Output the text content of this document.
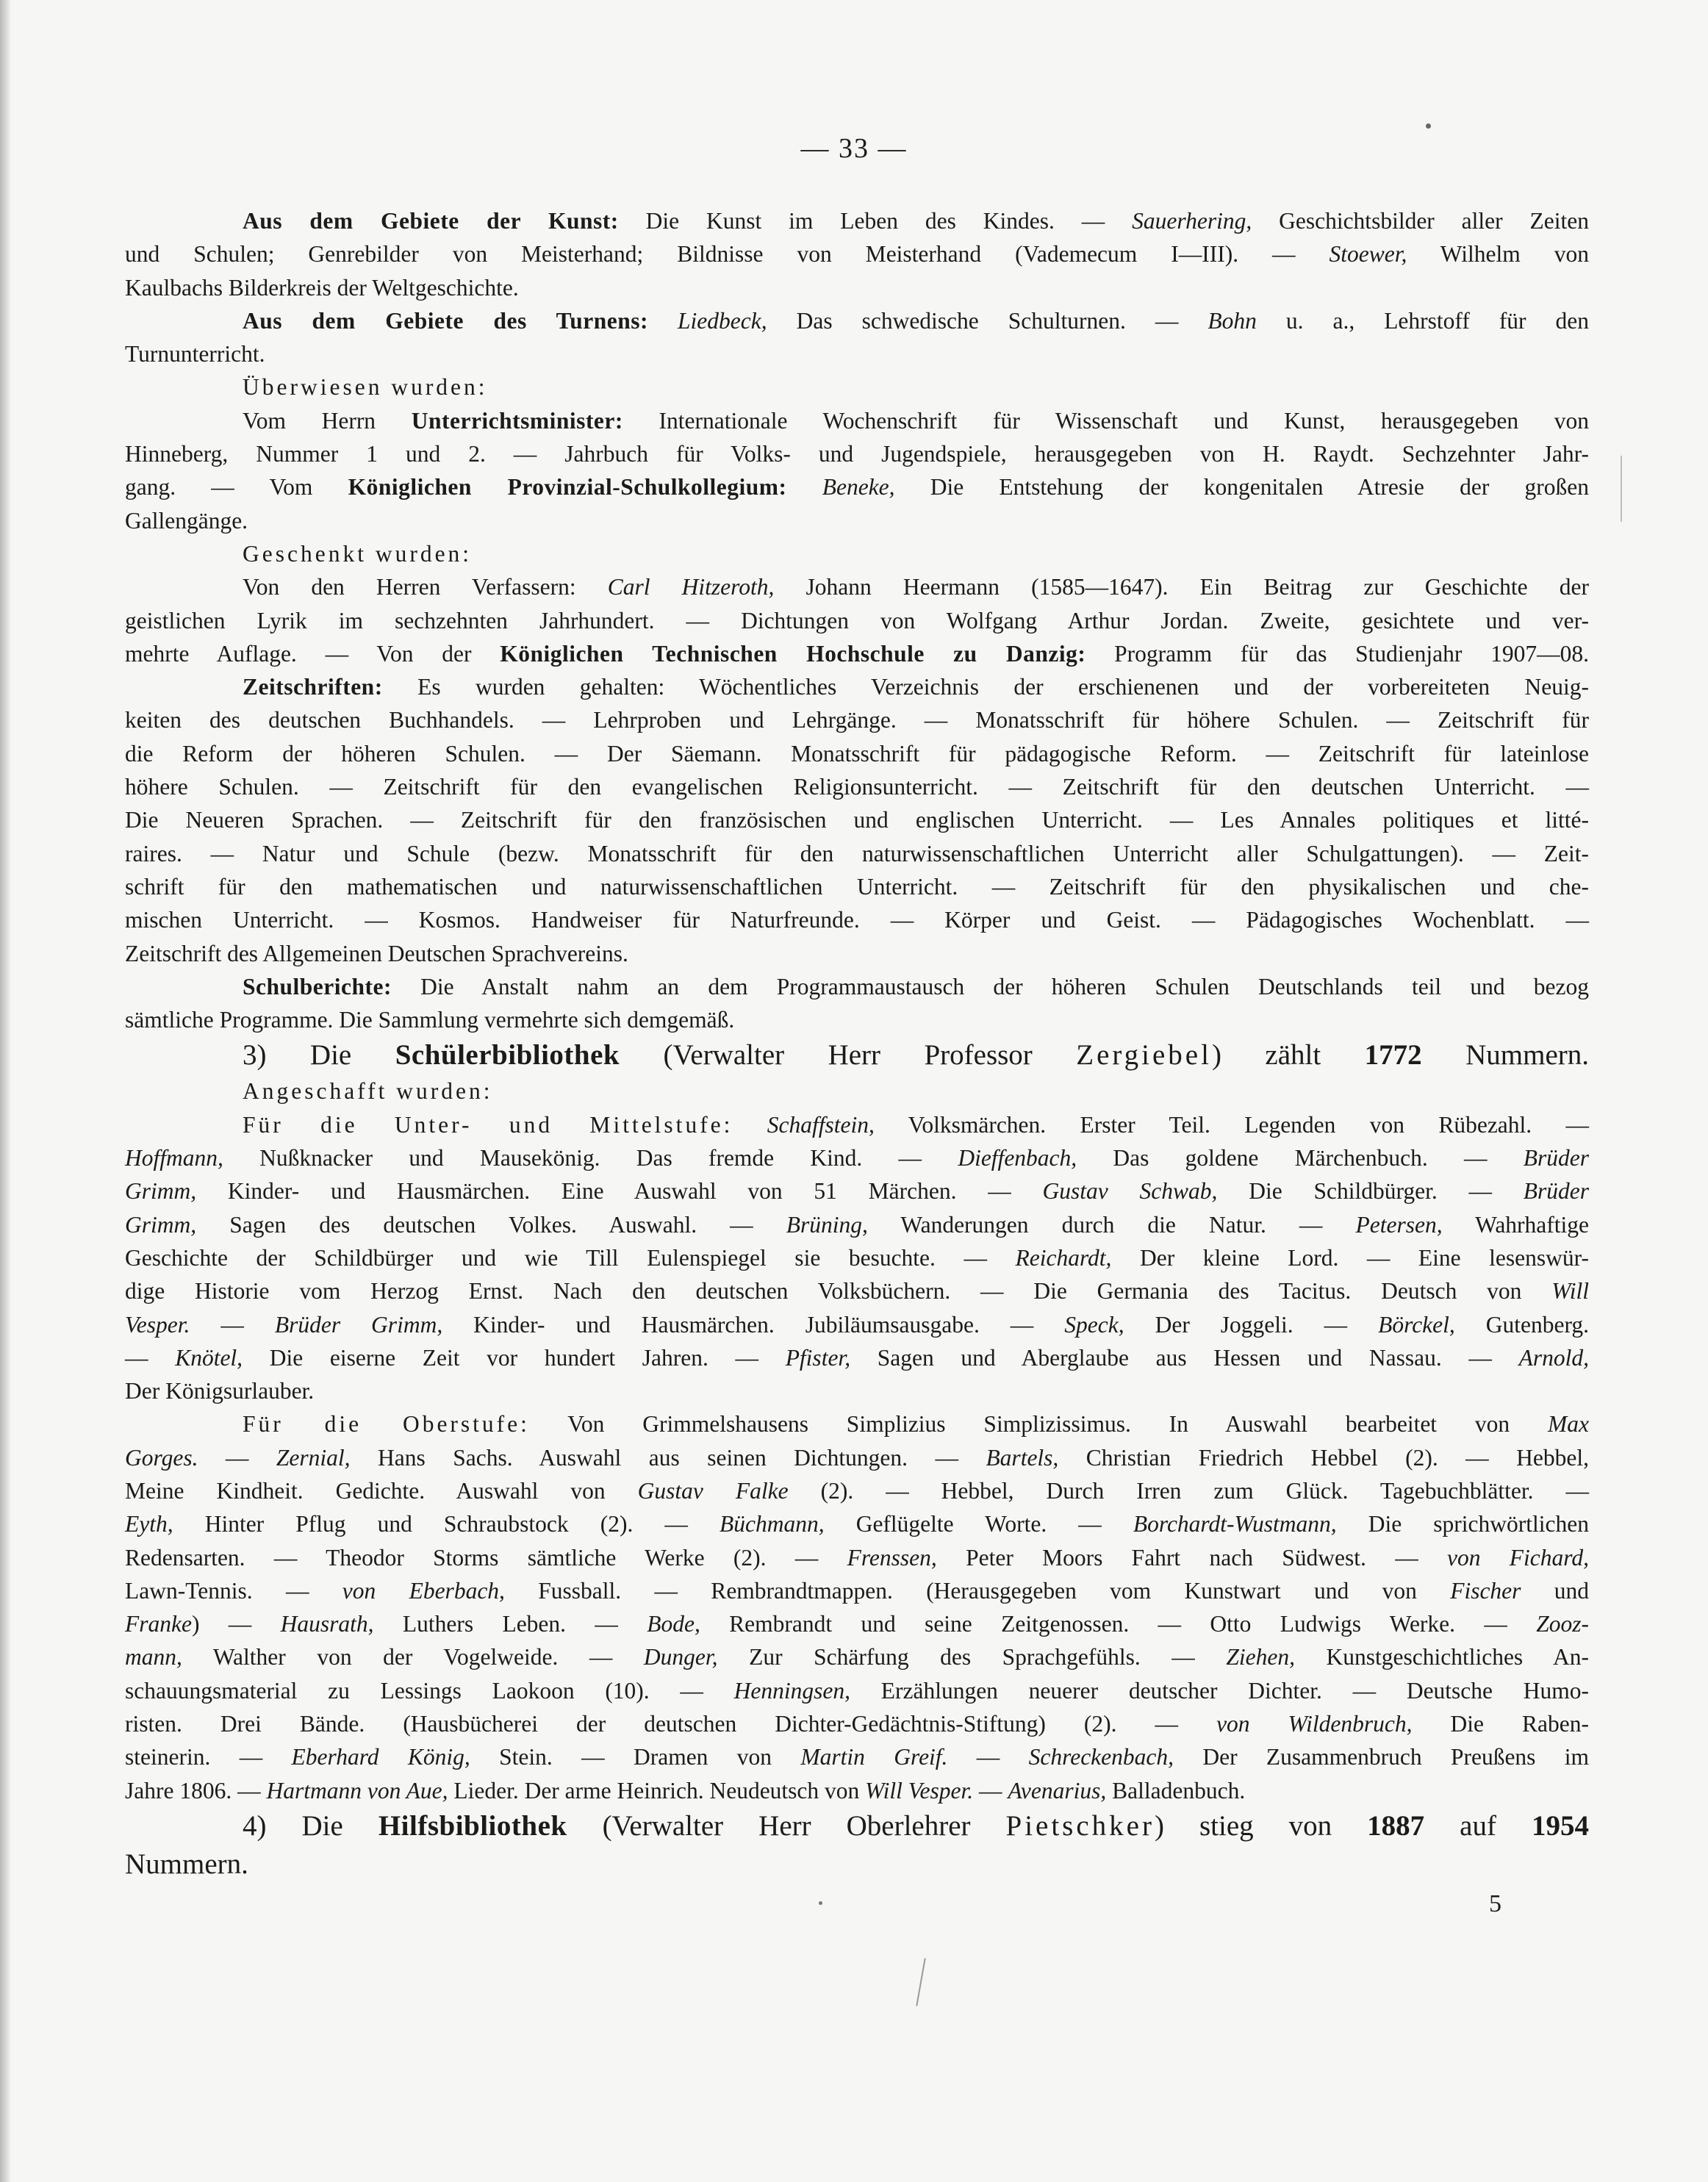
— 33 —
Aus dem Gebiete der Kunst: Die Kunst im Leben des Kindes. — Sauerhering, Geschichtsbilder aller Zeiten
und Schulen; Genrebilder von Meisterhand; Bildnisse von Meisterhand (Vademecum I—III). — Stoewer, Wilhelm von
Kaulbachs Bilderkreis der Weltgeschichte.
Aus dem Gebiete des Turnens: Liedbeck, Das schwedische Schulturnen. — Bohn u. a., Lehrstoff für den
Turnunterricht.
Überwiesen wurden:
Vom Herrn Unterrichtsminister: Internationale Wochenschrift für Wissenschaft und Kunst, herausgegeben von
Hinneberg, Nummer 1 und 2. — Jahrbuch für Volks- und Jugendspiele, herausgegeben von H. Raydt. Sechzehnter Jahr-
gang. — Vom Königlichen Provinzial-Schulkollegium: Beneke, Die Entstehung der kongenitalen Atresie der großen
Gallengänge.
Geschenkt wurden:
Von den Herren Verfassern: Carl Hitzeroth, Johann Heermann (1585—1647). Ein Beitrag zur Geschichte der
geistlichen Lyrik im sechzehnten Jahrhundert. — Dichtungen von Wolfgang Arthur Jordan. Zweite, gesichtete und ver-
mehrte Auflage. — Von der Königlichen Technischen Hochschule zu Danzig: Programm für das Studienjahr 1907—08.
Zeitschriften: Es wurden gehalten: Wöchentliches Verzeichnis der erschienenen und der vorbereiteten Neuig-
keiten des deutschen Buchhandels. — Lehrproben und Lehrgänge. — Monatsschrift für höhere Schulen. — Zeitschrift für
die Reform der höheren Schulen. — Der Säemann. Monatsschrift für pädagogische Reform. — Zeitschrift für lateinlose
höhere Schulen. — Zeitschrift für den evangelischen Religionsunterricht. — Zeitschrift für den deutschen Unterricht. —
Die Neueren Sprachen. — Zeitschrift für den französischen und englischen Unterricht. — Les Annales politiques et litté-
raires. — Natur und Schule (bezw. Monatsschrift für den naturwissenschaftlichen Unterricht aller Schulgattungen). — Zeit-
schrift für den mathematischen und naturwissenschaftlichen Unterricht. — Zeitschrift für den physikalischen und che-
mischen Unterricht. — Kosmos. Handweiser für Naturfreunde. — Körper und Geist. — Pädagogisches Wochenblatt. —
Zeitschrift des Allgemeinen Deutschen Sprachvereins.
Schulberichte: Die Anstalt nahm an dem Programmaustausch der höheren Schulen Deutschlands teil und bezog
sämtliche Programme. Die Sammlung vermehrte sich demgemäß.
3) Die Schülerbibliothek (Verwalter Herr Professor Zergiebel) zählt 1772 Nummern.
Angeschafft wurden:
Für die Unter- und Mittelstufe: Schaffstein, Volksmärchen. Erster Teil. Legenden von Rübezahl. —
Hoffmann, Nußknacker und Mausekönig. Das fremde Kind. — Dieffenbach, Das goldene Märchenbuch. — Brüder
Grimm, Kinder- und Hausmärchen. Eine Auswahl von 51 Märchen. — Gustav Schwab, Die Schildbürger. — Brüder
Grimm, Sagen des deutschen Volkes. Auswahl. — Brüning, Wanderungen durch die Natur. — Petersen, Wahrhaftige
Geschichte der Schildbürger und wie Till Eulenspiegel sie besuchte. — Reichardt, Der kleine Lord. — Eine lesenswür-
dige Historie vom Herzog Ernst. Nach den deutschen Volksbüchern. — Die Germania des Tacitus. Deutsch von Will
Vesper. — Brüder Grimm, Kinder- und Hausmärchen. Jubiläumsausgabe. — Speck, Der Joggeli. — Börckel, Gutenberg.
— Knötel, Die eiserne Zeit vor hundert Jahren. — Pfister, Sagen und Aberglaube aus Hessen und Nassau. — Arnold,
Der Königsurlauber.
Für die Oberstufe: Von Grimmelshausens Simplizius Simplizissimus. In Auswahl bearbeitet von Max
Gorges. — Zernial, Hans Sachs. Auswahl aus seinen Dichtungen. — Bartels, Christian Friedrich Hebbel (2). — Hebbel,
Meine Kindheit. Gedichte. Auswahl von Gustav Falke (2). — Hebbel, Durch Irren zum Glück. Tagebuchblätter. —
Eyth, Hinter Pflug und Schraubstock (2). — Büchmann, Geflügelte Worte. — Borchardt-Wustmann, Die sprichwörtlichen
Redensarten. — Theodor Storms sämtliche Werke (2). — Frenssen, Peter Moors Fahrt nach Südwest. — von Fichard,
Lawn-Tennis. — von Eberbach, Fussball. — Rembrandtmappen. (Herausgegeben vom Kunstwart und von Fischer und
Franke) — Hausrath, Luthers Leben. — Bode, Rembrandt und seine Zeitgenossen. — Otto Ludwigs Werke. — Zooz-
mann, Walther von der Vogelweide. — Dunger, Zur Schärfung des Sprachgefühls. — Ziehen, Kunstgeschichtliches An-
schauungsmaterial zu Lessings Laokoon (10). — Henningsen, Erzählungen neuerer deutscher Dichter. — Deutsche Humo-
risten. Drei Bände. (Hausbücherei der deutschen Dichter-Gedächtnis-Stiftung) (2). — von Wildenbruch, Die Raben-
steinerin. — Eberhard König, Stein. — Dramen von Martin Greif. — Schreckenbach, Der Zusammenbruch Preußens im
Jahre 1806. — Hartmann von Aue, Lieder. Der arme Heinrich. Neudeutsch von Will Vesper. — Avenarius, Balladenbuch.
4) Die Hilfsbibliothek (Verwalter Herr Oberlehrer Pietschker) stieg von 1887 auf 1954
Nummern.
5
